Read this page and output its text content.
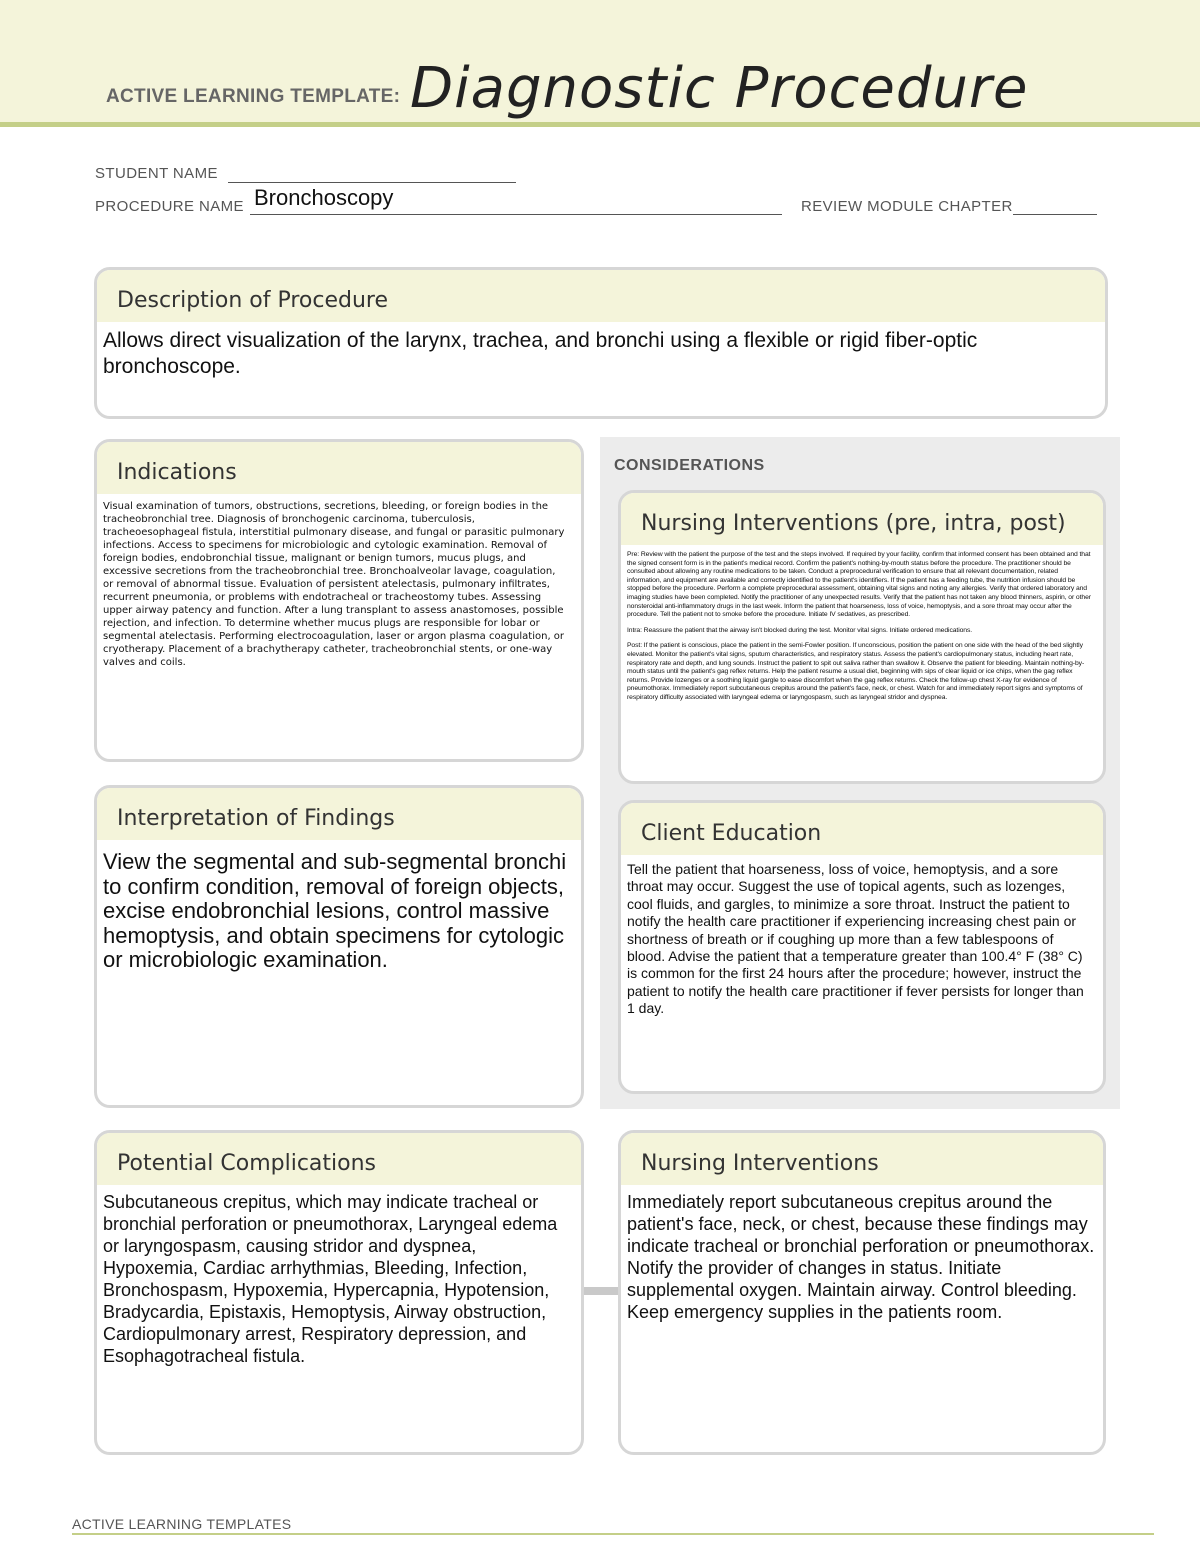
ACTIVE LEARNING TEMPLATE: Diagnostic Procedure
STUDENT NAME
PROCEDURE NAME Bronchoscopy	REVIEW MODULE CHAPTER
Description of Procedure
Allows direct visualization of the larynx, trachea, and bronchi using a flexible or rigid fiber-optic bronchoscope.
Indications
Visual examination of tumors, obstructions, secretions, bleeding, or foreign bodies in the tracheobronchial tree. Diagnosis of bronchogenic carcinoma, tuberculosis, tracheoesophageal fistula, interstitial pulmonary disease, and fungal or parasitic pulmonary infections. Access to specimens for microbiologic and cytologic examination. Removal of foreign bodies, endobronchial tissue, malignant or benign tumors, mucus plugs, and excessive secretions from the tracheobronchial tree. Bronchoalveolar lavage, coagulation, or removal of abnormal tissue. Evaluation of persistent atelectasis, pulmonary infiltrates, recurrent pneumonia, or problems with endotracheal or tracheostomy tubes. Assessing upper airway patency and function. After a lung transplant to assess anastomoses, possible rejection, and infection. To determine whether mucus plugs are responsible for lobar or segmental atelectasis. Performing electrocoagulation, laser or argon plasma coagulation, or cryotherapy. Placement of a brachytherapy catheter, tracheobronchial stents, or one-way valves and coils.
CONSIDERATIONS
Nursing Interventions (pre, intra, post)

Pre: Review with the patient the purpose of the test and the steps involved. If required by your facility, confirm that informed consent has been obtained and that the signed consent form is in the patient's medical record. Confirm the patient's nothing-by-mouth status before the procedure. The practitioner should be consulted about allowing any routine medications to be taken. Conduct a preprocedural verification to ensure that all relevant documentation, related information, and equipment are available and correctly identified to the patient's identifiers. If the patient has a feeding tube, the nutrition infusion should be stopped before the procedure. Perform a complete preprocedural assessment, obtaining vital signs and noting any allergies. Verify that ordered laboratory and imaging studies have been completed. Notify the practitioner of any unexpected results. Verify that the patient has not taken any blood thinners, aspirin, or other nonsteroidal anti-inflammatory drugs in the last week. Inform the patient that hoarseness, loss of voice, hemoptysis, and a sore throat may occur after the procedure. Tell the patient not to smoke before the procedure. Initiate IV sedatives, as prescribed.

Intra: Reassure the patient that the airway isn't blocked during the test. Monitor vital signs. Initiate ordered medications.

Post: If the patient is conscious, place the patient in the semi-Fowler position. If unconscious, position the patient on one side with the head of the bed slightly elevated. Monitor the patient's vital signs, sputum characteristics, and respiratory status. Assess the patient's cardiopulmonary status, including heart rate, respiratory rate and depth, and lung sounds. Instruct the patient to spit out saliva rather than swallow it. Observe the patient for bleeding. Maintain nothing-by-mouth status until the patient's gag reflex returns. Help the patient resume a usual diet, beginning with sips of clear liquid or ice chips, when the gag reflex returns. Provide lozenges or a soothing liquid gargle to ease discomfort when the gag reflex returns. Check the follow-up chest X-ray for evidence of pneumothorax. Immediately report subcutaneous crepitus around the patient's face, neck, or chest. Watch for and immediately report signs and symptoms of respiratory difficulty associated with laryngeal edema or laryngospasm, such as laryngeal stridor and dyspnea.

Interpretation of Findings
View the segmental and sub-segmental bronchi to confirm condition, removal of foreign objects, excise endobronchial lesions, control massive hemoptysis, and obtain specimens for cytologic or microbiologic examination.
Client Education
Tell the patient that hoarseness, loss of voice, hemoptysis, and a sore throat may occur. Suggest the use of topical agents, such as lozenges, cool fluids, and gargles, to minimize a sore throat. Instruct the patient to notify the health care practitioner if experiencing increasing chest pain or shortness of breath or if coughing up more than a few tablespoons of blood. Advise the patient that a temperature greater than 100.4° F (38° C) is common for the first 24 hours after the procedure; however, instruct the patient to notify the health care practitioner if fever persists for longer than 1 day.
Potential Complications
Subcutaneous crepitus, which may indicate tracheal or bronchial perforation or pneumothorax, Laryngeal edema or laryngospasm, causing stridor and dyspnea, Hypoxemia, Cardiac arrhythmias, Bleeding, Infection, Bronchospasm, Hypoxemia, Hypercapnia, Hypotension, Bradycardia, Epistaxis, Hemoptysis, Airway obstruction, Cardiopulmonary arrest, Respiratory depression, and Esophagotracheal fistula.
Nursing Interventions
Immediately report subcutaneous crepitus around the patient's face, neck, or chest, because these findings may indicate tracheal or bronchial perforation or pneumothorax. Notify the provider of changes in status. Initiate supplemental oxygen. Maintain airway. Control bleeding. Keep emergency supplies in the patients room.
ACTIVE LEARNING TEMPLATES
